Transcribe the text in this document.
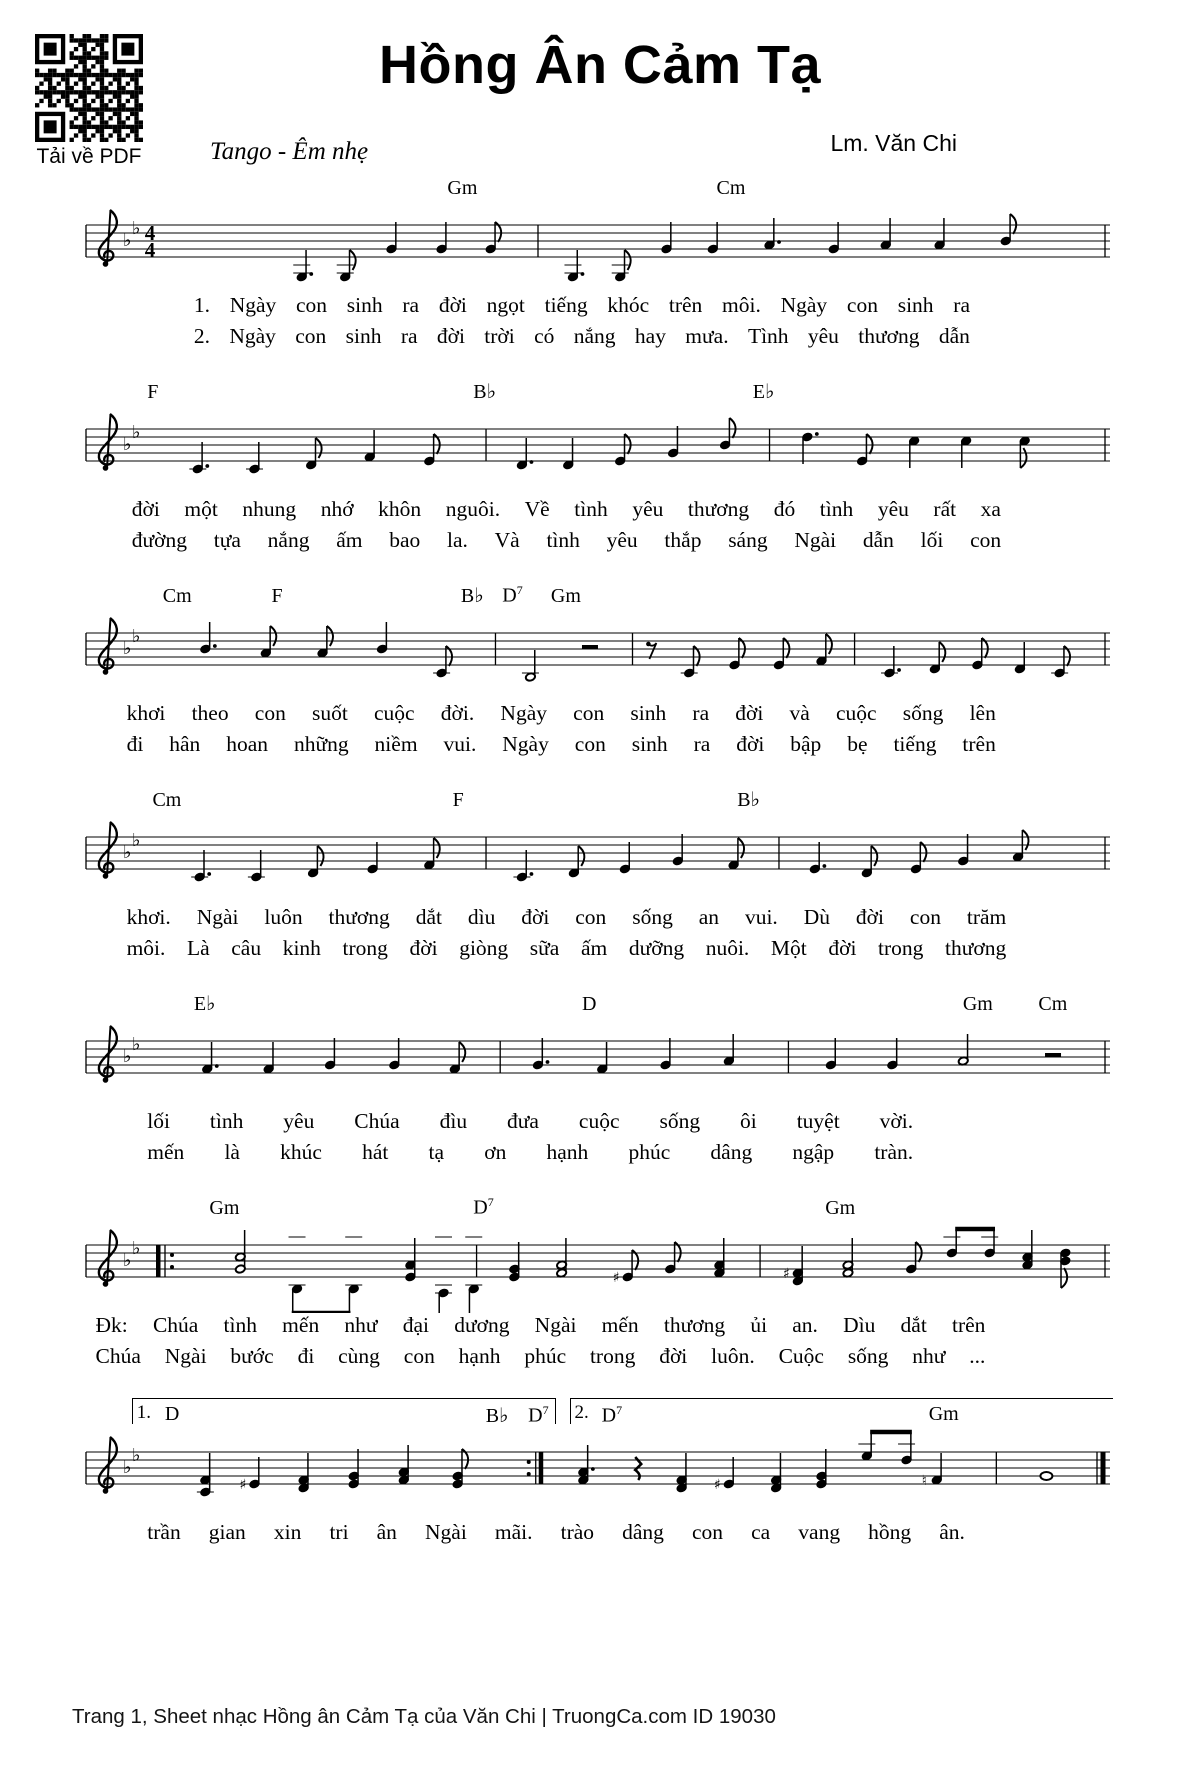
Tải về PDF
Hồng Ân Cảm Tạ
Lm. Văn Chi
Tango - Êm nhẹ
Gm	Cm
♭
♭ 4
4
1. Ngày con sinh ra đời ngọt tiếng khóc trên môi. Ngày con sinh ra
2. Ngày con sinh ra đời trời có nắng hay mưa. Tình yêu thương dẫn
F	B♭	E♭
♭
♭
đời một nhung nhớ khôn nguôi. Về tình yêu thương đó tình yêu rất xa
đường tựa nắng ấm bao la. Và tình yêu thắp sáng Ngài dẫn lối con
Cm	F	B♭ $D^7$ Gm
♭
♭
khơi theo con suốt cuộc đời. Ngày con sinh ra đời và cuộc sống lên
đi hân hoan những niềm vui. Ngày con sinh ra đời bập bẹ tiếng trên
Cm	F	B♭
♭
♭
khơi. Ngài luôn thương dắt dìu đời con sống an vui. Dù đời con trăm
môi. Là câu kinh trong đời giòng sữa ấm dưỡng nuôi. Một đời trong thương
E♭	D	Gm Cm
♭
♭
lối tình yêu Chúa đìu đưa cuộc sống ôi tuyệt vời.
mến là khúc hát tạ ơn hạnh phúc dâng ngập tràn.
Gm	$D^7$	Gm
♭
♭
♯	♯
Đk: Chúa tình mến như đại dương Ngài mến thương ủi an. Dìu dắt trên
Chúa Ngài bước đi cùng con hạnh phúc trong đời luôn. Cuộc sống như ...
1.	2.
D	B♭ $D^7$	$D^7$	Gm
♭
♭
♯	♯	♮
trần gian xin tri ân Ngài mãi. trào dâng con ca vang hồng ân.
Trang 1, Sheet nhạc Hồng ân Cảm Tạ của Văn Chi | TruongCa.com ID 19030
